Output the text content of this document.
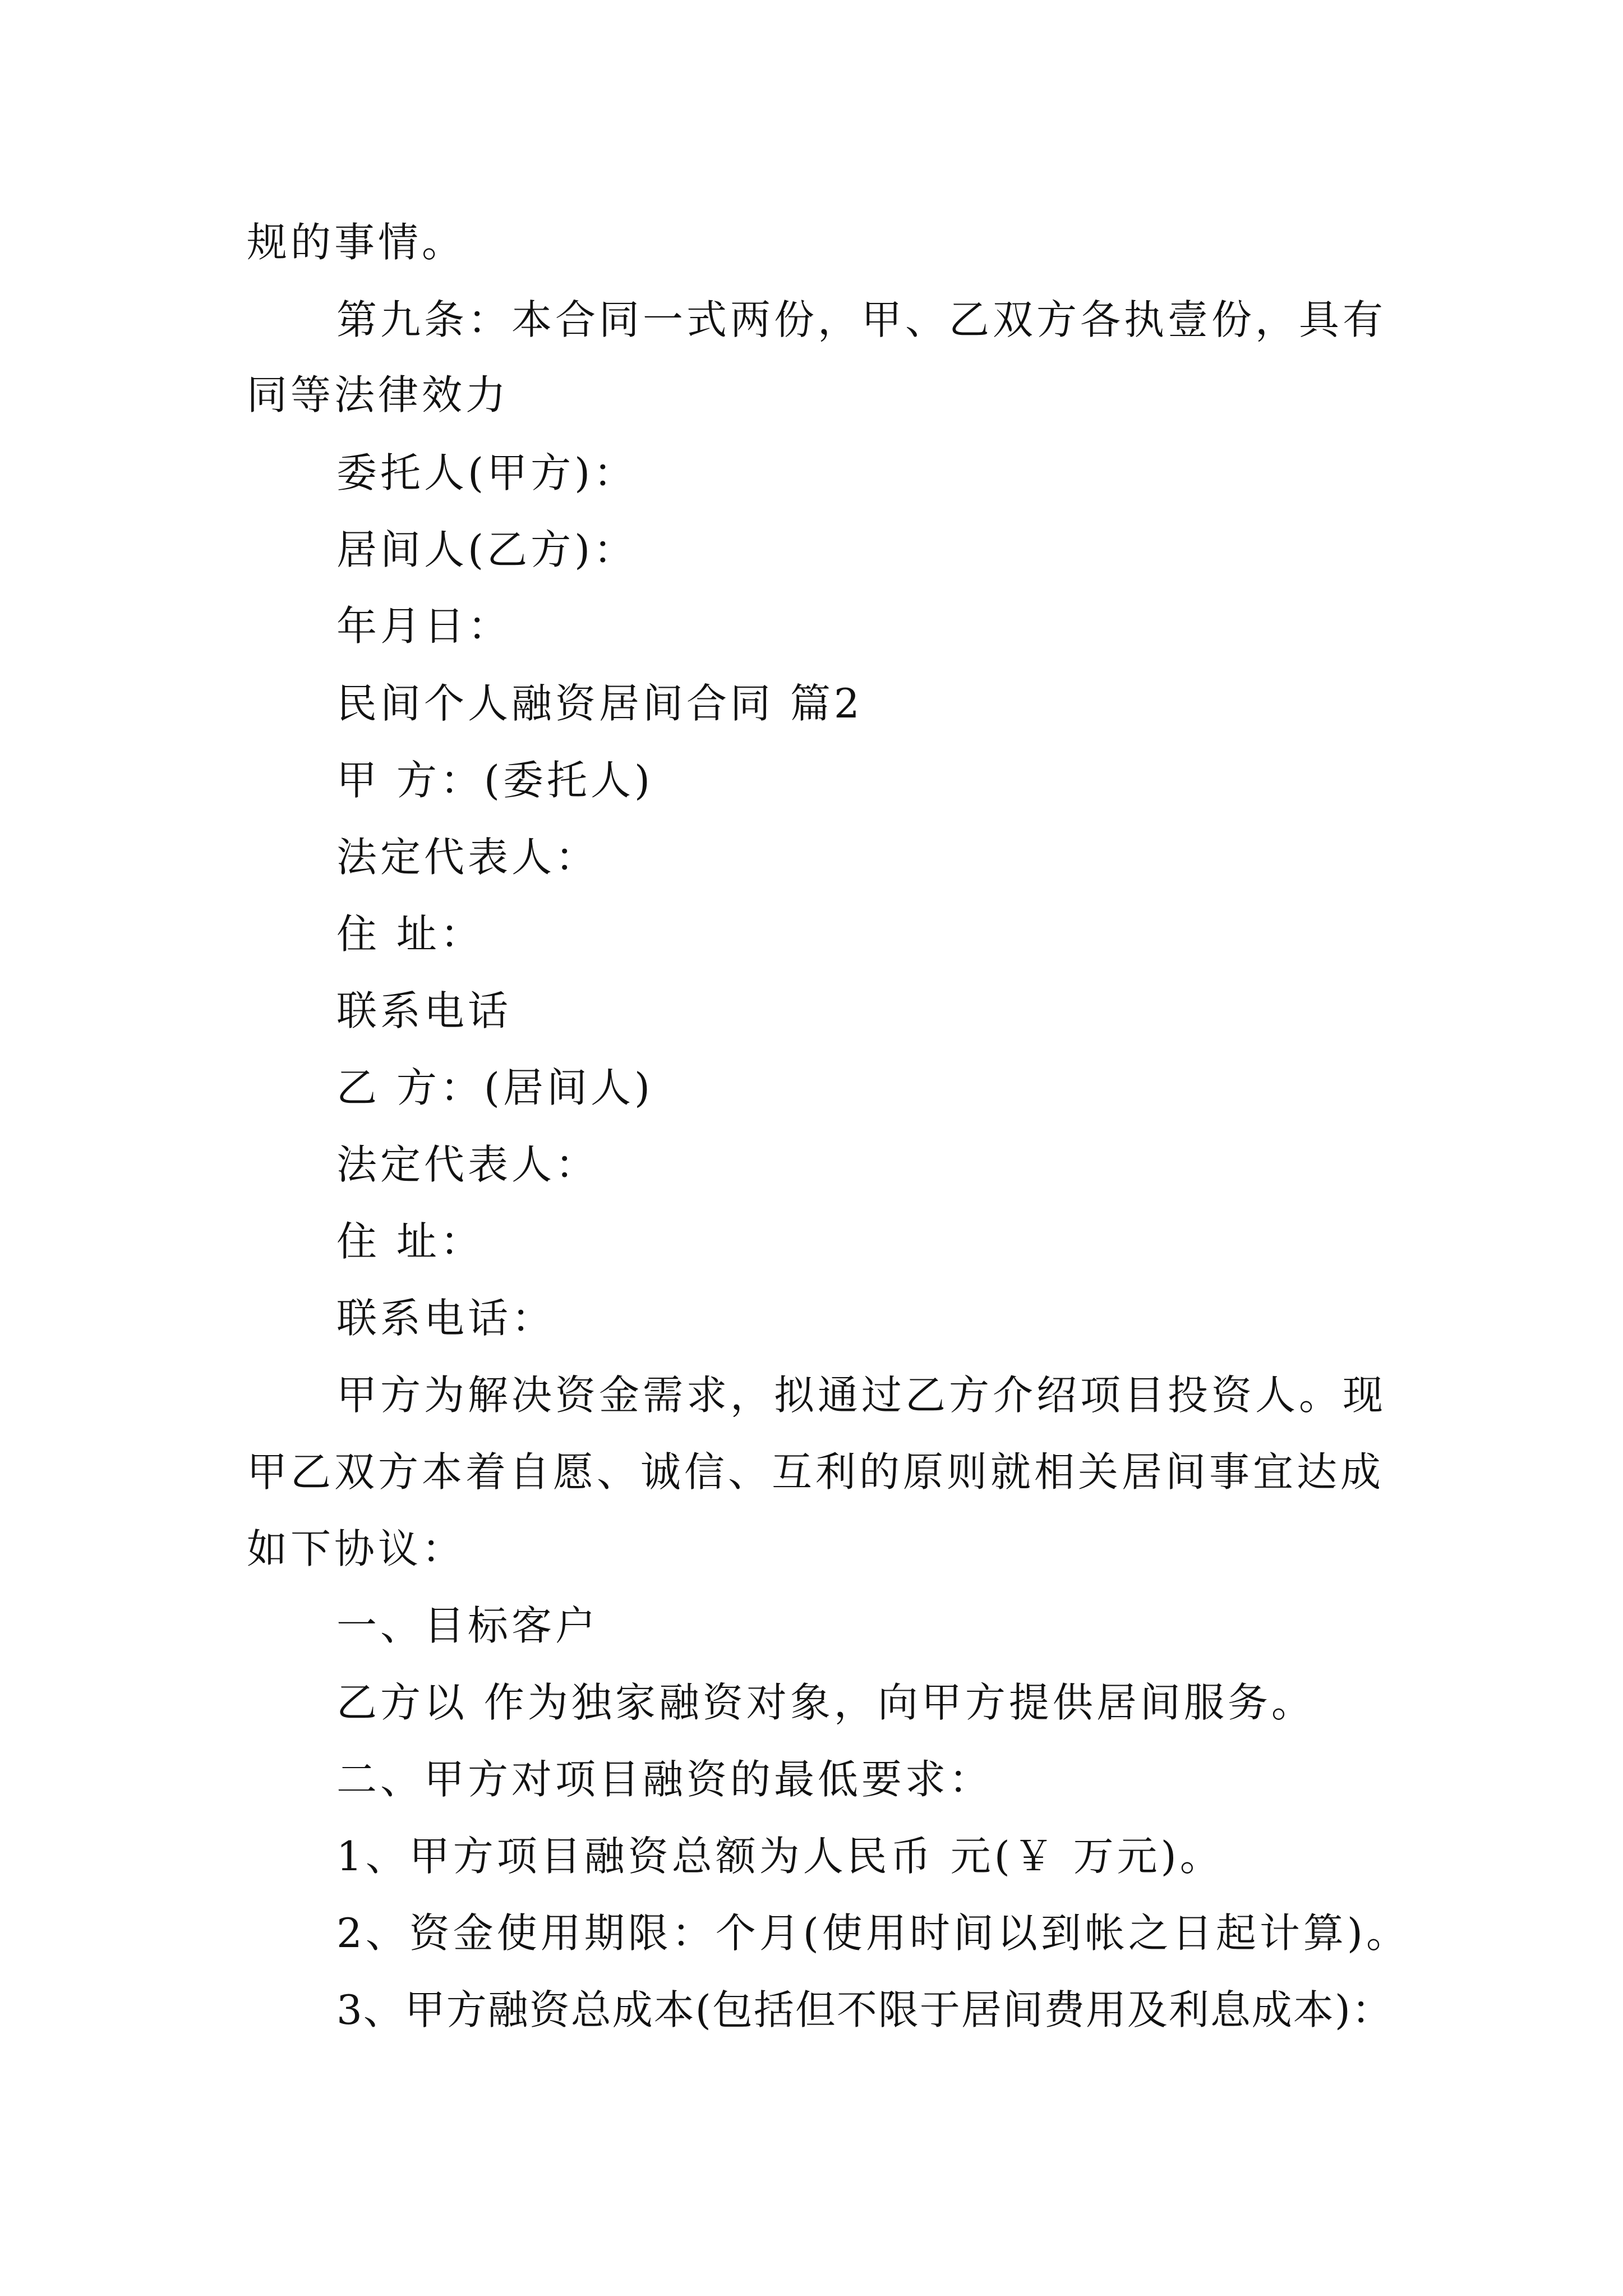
规的事情。
第九条：本合同一式两份，甲、乙双方各执壹份，具有
同等法律效力
委托人(甲方)：
居间人(乙方)：
年月日：
民间个人融资居间合同 篇2
甲 方：(委托人)
法定代表人：
住 址：
联系电话
乙 方：(居间人)
法定代表人：
住 址：
联系电话：
甲方为解决资金需求，拟通过乙方介绍项目投资人。现
甲乙双方本着自愿、诚信、互利的原则就相关居间事宜达成
如下协议：
一、目标客户
乙方以 作为独家融资对象，向甲方提供居间服务。
二、甲方对项目融资的最低要求：
1、甲方项目融资总额为人民币 元(￥ 万元)。
2、资金使用期限：个月(使用时间以到帐之日起计算)。
3、甲方融资总成本(包括但不限于居间费用及利息成本)：
